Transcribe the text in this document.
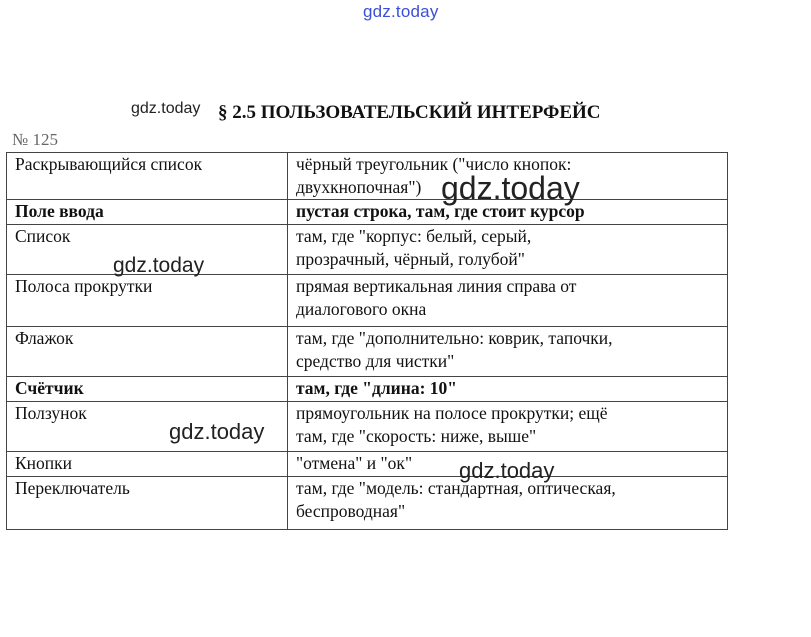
gdz.today
§ 2.5 ПОЛЬЗОВАТЕЛЬСКИЙ ИНТЕРФЕЙС
№ 125
Раскрывающийся список	чёрный треугольник ("число кнопок:
двухкнопочная")

Поле ввода	пустая строка, там, где стоит курсор

Список	там, где "корпус: белый, серый,
прозрачный, чёрный, голубой"

Полоса прокрутки	прямая вертикальная линия справа от
диалогового окна

Флажок	там, где "дополнительно: коврик, тапочки,
средство для чистки"

Счётчик	там, где "длина: 10"

Ползунок	прямоугольник на полосе прокрутки; ещё
там, где "скорость: ниже, выше"

Кнопки	"отмена" и "ок"

Переключатель	там, где "модель: стандартная, оптическая,
беспроводная"
gdz.today
gdz.today
gdz.today
gdz.today
gdz.today
